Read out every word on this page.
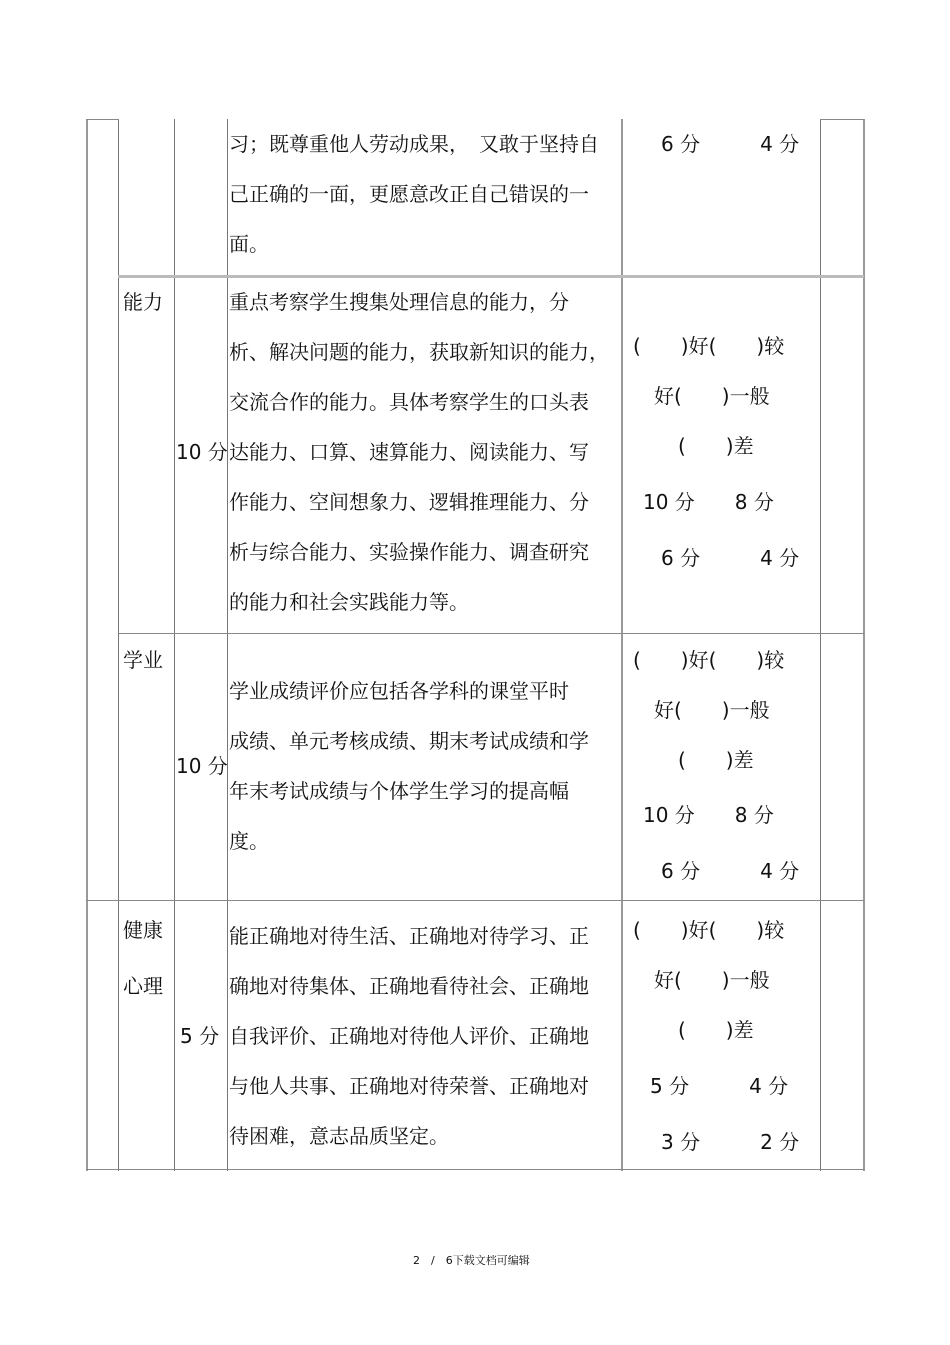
习；既尊重他人劳动成果，　又敢于坚持自
己正确的一面，更愿意改正自己错误的一
面。
6 分　　　4 分
能力
10 分
重点考察学生搜集处理信息的能力，分
析、解决问题的能力，获取新知识的能力，
交流合作的能力。具体考察学生的口头表
达能力、口算、速算能力、阅读能力、写
作能力、空间想象力、逻辑推理能力、分
析与综合能力、实验操作能力、调查研究
的能力和社会实践能力等。
(　　)好(　　)较
好(　　)一般
(　　)差
10 分　　8 分
6 分　　　4 分
学业
10 分
学业成绩评价应包括各学科的课堂平时
成绩、单元考核成绩、期末考试成绩和学
年末考试成绩与个体学生学习的提高幅
度。
(　　)好(　　)较
好(　　)一般
(　　)差
10 分　　8 分
6 分　　　4 分
健康
心理
5 分
能正确地对待生活、正确地对待学习、正
确地对待集体、正确地看待社会、正确地
自我评价、正确地对待他人评价、正确地
与他人共事、正确地对待荣誉、正确地对
待困难，意志品质坚定。
(　　)好(　　)较
好(　　)一般
(　　)差
5 分　　　4 分
3 分　　　2 分
2　/　6下载文档可编辑
